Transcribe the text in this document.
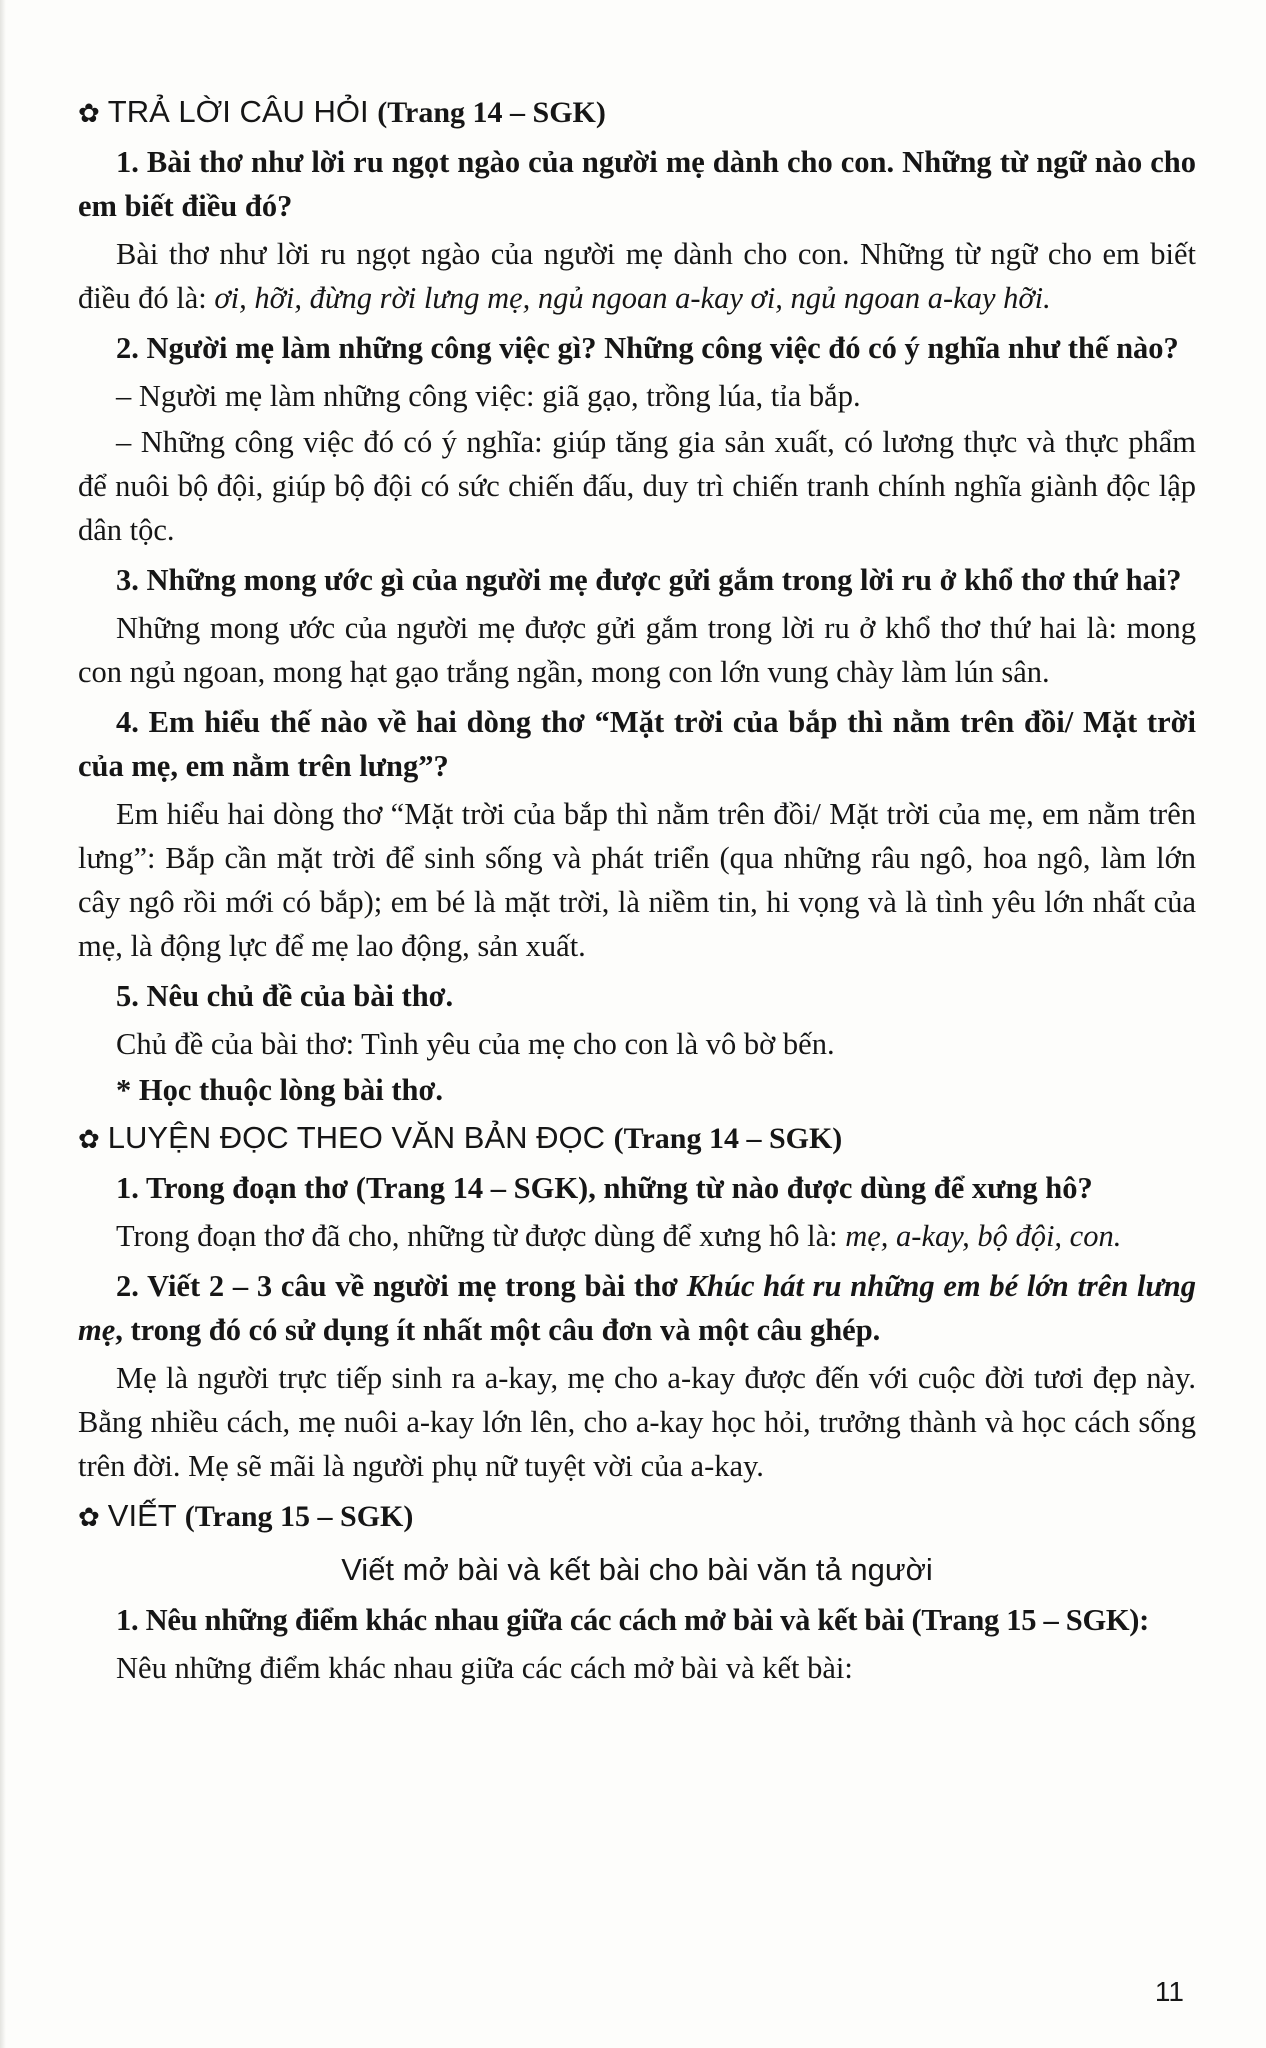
✿ TRẢ LỜI CÂU HỎI (Trang 14 – SGK)

1. Bài thơ như lời ru ngọt ngào của người mẹ dành cho con. Những từ ngữ nào cho em biết điều đó?

Bài thơ như lời ru ngọt ngào của người mẹ dành cho con. Những từ ngữ cho em biết điều đó là: ơi, hỡi, đừng rời lưng mẹ, ngủ ngoan a-kay ơi, ngủ ngoan a-kay hỡi.

2. Người mẹ làm những công việc gì? Những công việc đó có ý nghĩa như thế nào?

– Người mẹ làm những công việc: giã gạo, trồng lúa, tỉa bắp.

– Những công việc đó có ý nghĩa: giúp tăng gia sản xuất, có lương thực và thực phẩm để nuôi bộ đội, giúp bộ đội có sức chiến đấu, duy trì chiến tranh chính nghĩa giành độc lập dân tộc.

3. Những mong ước gì của người mẹ được gửi gắm trong lời ru ở khổ thơ thứ hai?

Những mong ước của người mẹ được gửi gắm trong lời ru ở khổ thơ thứ hai là: mong con ngủ ngoan, mong hạt gạo trắng ngần, mong con lớn vung chày làm lún sân.

4. Em hiểu thế nào về hai dòng thơ “Mặt trời của bắp thì nằm trên đồi/ Mặt trời của mẹ, em nằm trên lưng”?

Em hiểu hai dòng thơ “Mặt trời của bắp thì nằm trên đồi/ Mặt trời của mẹ, em nằm trên lưng”: Bắp cần mặt trời để sinh sống và phát triển (qua những râu ngô, hoa ngô, làm lớn cây ngô rồi mới có bắp); em bé là mặt trời, là niềm tin, hi vọng và là tình yêu lớn nhất của mẹ, là động lực để mẹ lao động, sản xuất.

5. Nêu chủ đề của bài thơ.

Chủ đề của bài thơ: Tình yêu của mẹ cho con là vô bờ bến.

* Học thuộc lòng bài thơ.

✿ LUYỆN ĐỌC THEO VĂN BẢN ĐỌC (Trang 14 – SGK)

1. Trong đoạn thơ (Trang 14 – SGK), những từ nào được dùng để xưng hô?

Trong đoạn thơ đã cho, những từ được dùng để xưng hô là: mẹ, a-kay, bộ đội, con.

2. Viết 2 – 3 câu về người mẹ trong bài thơ Khúc hát ru những em bé lớn trên lưng mẹ, trong đó có sử dụng ít nhất một câu đơn và một câu ghép.

Mẹ là người trực tiếp sinh ra a-kay, mẹ cho a-kay được đến với cuộc đời tươi đẹp này. Bằng nhiều cách, mẹ nuôi a-kay lớn lên, cho a-kay học hỏi, trưởng thành và học cách sống trên đời. Mẹ sẽ mãi là người phụ nữ tuyệt vời của a-kay.

✿ VIẾT (Trang 15 – SGK)
Viết mở bài và kết bài cho bài văn tả người

1. Nêu những điểm khác nhau giữa các cách mở bài và kết bài (Trang 15 – SGK):

Nêu những điểm khác nhau giữa các cách mở bài và kết bài:

11
